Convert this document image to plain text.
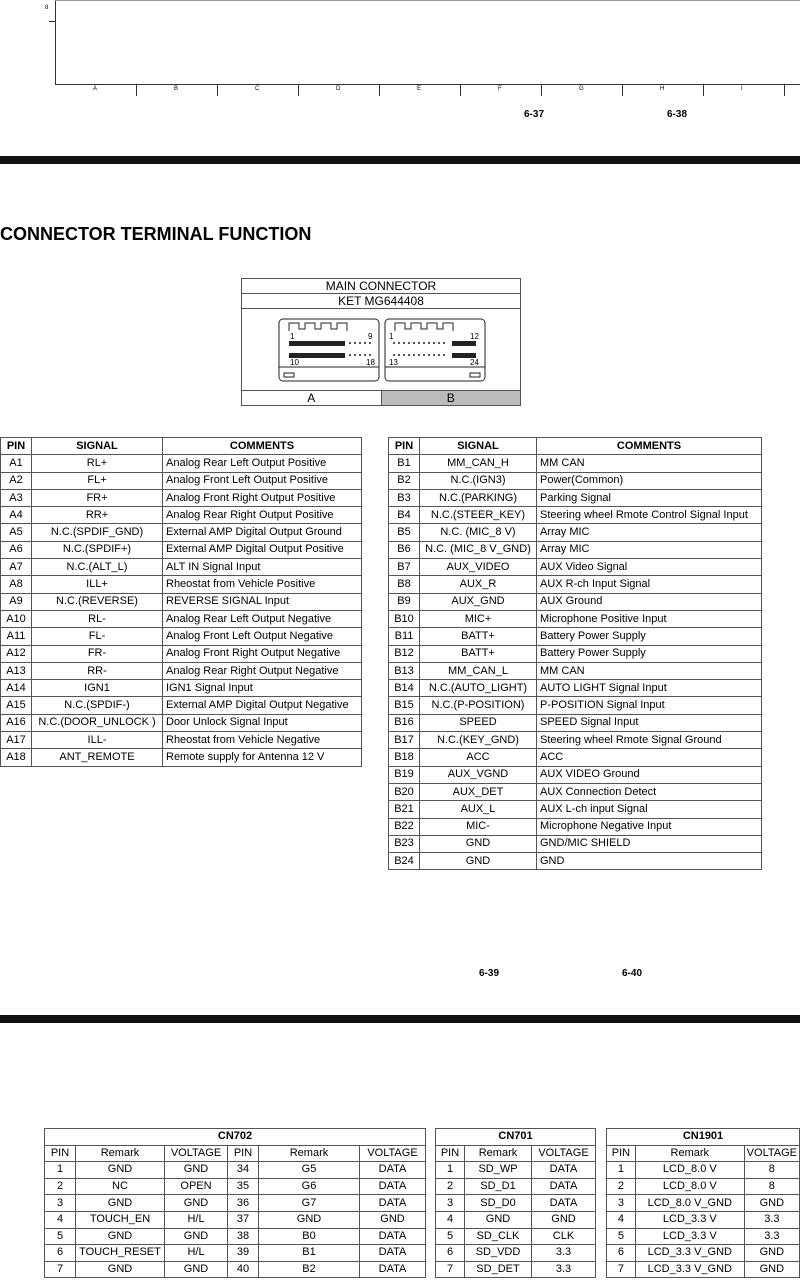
8
A	B	C	D	E	F	G	H	I
6-37	6-38
CONNECTOR TERMINAL FUNCTION
MAIN CONNECTOR
KET MG644408
1	9
10	18
1	12
13	24
A	B
PIN	SIGNAL	COMMENTS
A1	RL+	Analog Rear Left Output Positive
A2	FL+	Analog Front Left Output Positive
A3	FR+	Analog Front Right Output Positive
A4	RR+	Analog Rear Right Output Positive
A5	N.C.(SPDIF_GND)	External AMP Digital Output Ground
A6	N.C.(SPDIF+)	External AMP Digital Output Positive
A7	N.C.(ALT_L)	ALT IN Signal Input
A8	ILL+	Rheostat from Vehicle Positive
A9	N.C.(REVERSE)	REVERSE SIGNAL Input
A10	RL-	Analog Rear Left Output Negative
A11	FL-	Analog Front Left Output Negative
A12	FR-	Analog Front Right Output Negative
A13	RR-	Analog Rear Right Output Negative
A14	IGN1	IGN1 Signal Input
A15	N.C.(SPDIF-)	External AMP Digital Output Negative
A16	N.C.(DOOR_UNLOCK )	Door Unlock Signal Input
A17	ILL-	Rheostat from Vehicle Negative
A18	ANT_REMOTE	Remote supply for Antenna 12 V
PIN	SIGNAL	COMMENTS
B1	MM_CAN_H	MM CAN
B2	N.C.(IGN3)	Power(Common)
B3	N.C.(PARKING)	Parking Signal
B4	N.C.(STEER_KEY)	Steering wheel Rmote Control Signal Input
B5	N.C. (MIC_8 V)	Array MIC
B6	N.C. (MIC_8 V_GND)	Array MIC
B7	AUX_VIDEO	AUX Video Signal
B8	AUX_R	AUX R-ch Input Signal
B9	AUX_GND	AUX Ground
B10	MIC+	Microphone Positive Input
B11	BATT+	Battery Power Supply
B12	BATT+	Battery Power Supply
B13	MM_CAN_L	MM CAN
B14	N.C.(AUTO_LIGHT)	AUTO LIGHT Signal Input
B15	N.C.(P-POSITION)	P-POSITION Signal Input
B16	SPEED	SPEED Signal Input
B17	N.C.(KEY_GND)	Steering wheel Rmote Signal Ground
B18	ACC	ACC
B19	AUX_VGND	AUX VIDEO Ground
B20	AUX_DET	AUX Connection Detect
B21	AUX_L	AUX L-ch input Signal
B22	MIC-	Microphone Negative Input
B23	GND	GND/MIC SHIELD
B24	GND	GND
6-39	6-40
CN702					
PIN	Remark	VOLTAGE	PIN	Remark	VOLTAGE
1	GND	GND	34	G5	DATA
2	NC	OPEN	35	G6	DATA
3	GND	GND	36	G7	DATA
4	TOUCH_EN	H/L	37	GND	GND
5	GND	GND	38	B0	DATA
6	TOUCH_RESET	H/L	39	B1	DATA
7	GND	GND	40	B2	DATA
CN701		
PIN	Remark	VOLTAGE
1	SD_WP	DATA
2	SD_D1	DATA
3	SD_D0	DATA
4	GND	GND
5	SD_CLK	CLK
6	SD_VDD	3.3
7	SD_DET	3.3
CN1901		
PIN	Remark	VOLTAGE
1	LCD_8.0 V	8
2	LCD_8.0 V	8
3	LCD_8.0 V_GND	GND
4	LCD_3.3 V	3.3
5	LCD_3.3 V	3.3
6	LCD_3.3 V_GND	GND
7	LCD_3.3 V_GND	GND
